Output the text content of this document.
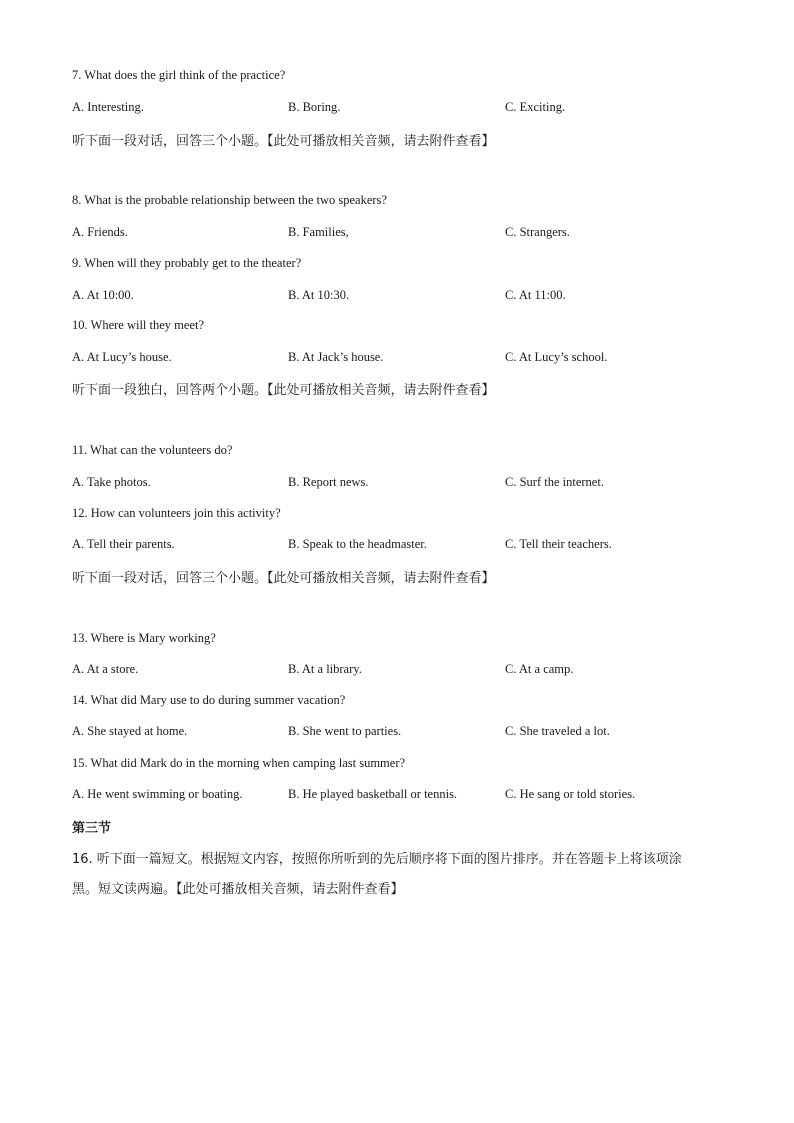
7. What does the girl think of the practice?
A. Interesting.	B. Boring.	C. Exciting.
听下面一段对话，回答三个小题。【此处可播放相关音频，请去附件查看】
8. What is the probable relationship between the two speakers?
A. Friends.	B. Families,	C. Strangers.
9. When will they probably get to the theater?
A. At 10:00.	B. At 10:30.	C. At 11:00.
10. Where will they meet?
A. At Lucy’s house.	B. At Jack’s house.	C. At Lucy’s school.
听下面一段独白，回答两个小题。【此处可播放相关音频，请去附件查看】
11. What can the volunteers do?
A. Take photos.	B. Report news.	C. Surf the internet.
12. How can volunteers join this activity?
A. Tell their parents.	B. Speak to the headmaster.	C. Tell their teachers.
听下面一段对话，回答三个小题。【此处可播放相关音频，请去附件查看】
13. Where is Mary working?
A. At a store.	B. At a library.	C. At a camp.
14. What did Mary use to do during summer vacation?
A. She stayed at home.	B. She went to parties.	C. She traveled a lot.
15. What did Mark do in the morning when camping last summer?
A. He went swimming or boating.	B. He played basketball or tennis.	C. He sang or told stories.
第三节
16. 听下面一篇短文。根据短文内容，按照你所听到的先后顺序将下面的图片排序。并在答题卡上将该项涂
黑。短文读两遍。【此处可播放相关音频，请去附件查看】
